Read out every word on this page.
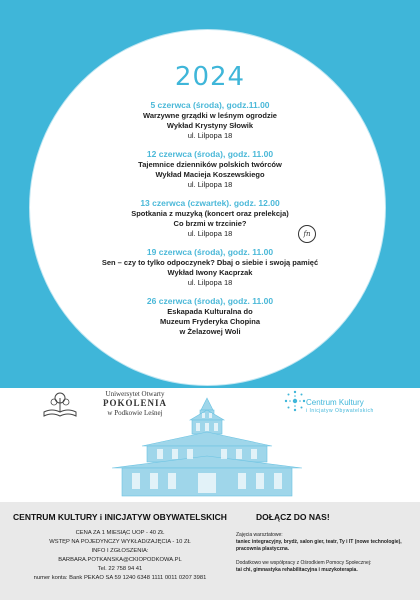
2024
5 czerwca (środa), godz.11.00
Warzywne grządki w leśnym ogrodzie
Wykład Krystyny Słowik
ul. Lilpopa 18
12 czerwca (środa), godz. 11.00
Tajemnice dzienników polskich twórców
Wykład Macieja Koszewskiego
ul. Lilpopa 18
13 czerwca (czwartek). godz. 12.00
Spotkania z muzyką (koncert oraz prelekcja)
Co brzmi w trzcinie?
ul. Lilpopa 18
19 czerwca (środa), godz. 11.00
Sen – czy to tylko odpoczynek? Dbaj o siebie i swoją pamięć
Wykład Iwony Kacprzak
ul. Lilpopa 18
26 czerwca (środa), godz. 11.00
Eskapada Kulturalna do
Muzeum Fryderyka Chopina
w Żelazowej Woli
fn
Uniwersytet Otwarty
POKOLENIA
w Podkowie Leśnej
Centrum Kultury
i Inicjatyw Obywatelskich
CENTRUM KULTURY i INICJATYW OBYWATELSKICH
CENA ZA 1 MIESIĄC UOP - 40 ZŁ
WSTĘP NA POJEDYNCZY WYKŁAD/ZAJĘCIA - 10 ZŁ
INFO I ZGŁOSZENIA:
BARBARA.POTKANSKA@CKIOPODKOWA.PL
Tel. 22 758 94 41
numer konta: Bank PEKAO SA 59 1240 6348 1111 0011 0207 3981
DOŁĄCZ DO NAS!
Zajęcia warsztatowe:
taniec integracyjny, brydż, salon gier, teatr, Ty i IT (nowe technologie), pracownia plastyczna.
Dodatkowo we współpracy z Ośrodkiem Pomocy Społecznej:
tai chi, gimnastyka rehabilitacyjna i muzykoterapia.
